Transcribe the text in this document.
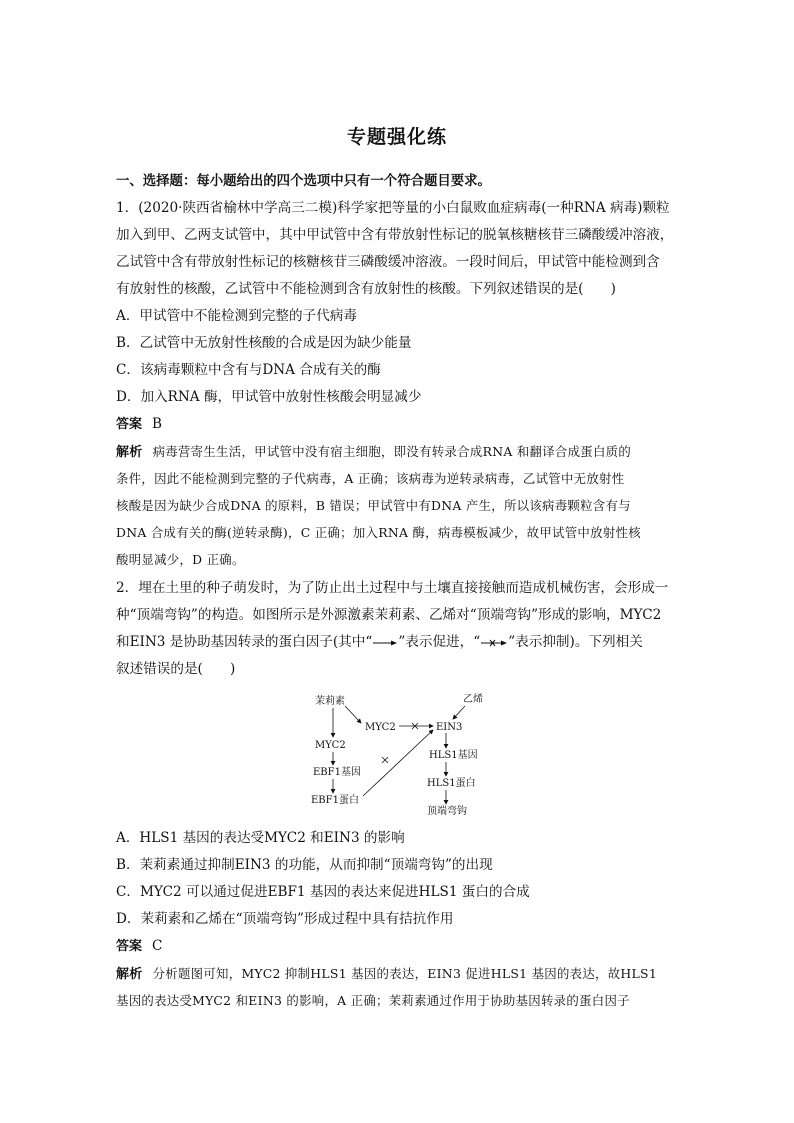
专题强化练
一、选择题：每小题给出的四个选项中只有一个符合题目要求。
1．(2020·陕西省榆林中学高三二模)科学家把等量的小白鼠败血症病毒(一种RNA 病毒)颗粒
加入到甲、乙两支试管中，其中甲试管中含有带放射性标记的脱氧核糖核苷三磷酸缓冲溶液，
乙试管中含有带放射性标记的核糖核苷三磷酸缓冲溶液。一段时间后，甲试管中能检测到含
有放射性的核酸，乙试管中不能检测到含有放射性的核酸。下列叙述错误的是(　　)
A．甲试管中不能检测到完整的子代病毒
B．乙试管中无放射性核酸的合成是因为缺少能量
C．该病毒颗粒中含有与DNA 合成有关的酶
D．加入RNA 酶，甲试管中放射性核酸会明显减少
答案 B
解析 病毒营寄生生活，甲试管中没有宿主细胞，即没有转录合成RNA 和翻译合成蛋白质的
条件，因此不能检测到完整的子代病毒，A 正确；该病毒为逆转录病毒，乙试管中无放射性
核酸是因为缺少合成DNA 的原料，B 错误；甲试管中有DNA 产生，所以该病毒颗粒含有与
DNA 合成有关的酶(逆转录酶)，C 正确；加入RNA 酶，病毒模板减少，故甲试管中放射性核
酸明显减少，D 正确。
2．埋在土里的种子萌发时，为了防止出土过程中与土壤直接接触而造成机械伤害，会形成一
种“顶端弯钩”的构造。如图所示是外源激素茉莉素、乙烯对“顶端弯钩”形成的影响，MYC2
和EIN3 是协助基因转录的蛋白因子(其中“ ”表示促进，“ ”表示抑制)。下列相关
叙述错误的是(　　)
茉莉素	乙烯
MYC2	EIN3
MYC2
EBF1基因
EBF1蛋白
HLS1基因
HLS1蛋白
顶端弯钩
A．HLS1 基因的表达受MYC2 和EIN3 的影响
B．茉莉素通过抑制EIN3 的功能，从而抑制“顶端弯钩”的出现
C．MYC2 可以通过促进EBF1 基因的表达来促进HLS1 蛋白的合成
D．茉莉素和乙烯在“顶端弯钩”形成过程中具有拮抗作用
答案 C
解析 分析题图可知，MYC2 抑制HLS1 基因的表达，EIN3 促进HLS1 基因的表达，故HLS1
基因的表达受MYC2 和EIN3 的影响，A 正确；茉莉素通过作用于协助基因转录的蛋白因子
